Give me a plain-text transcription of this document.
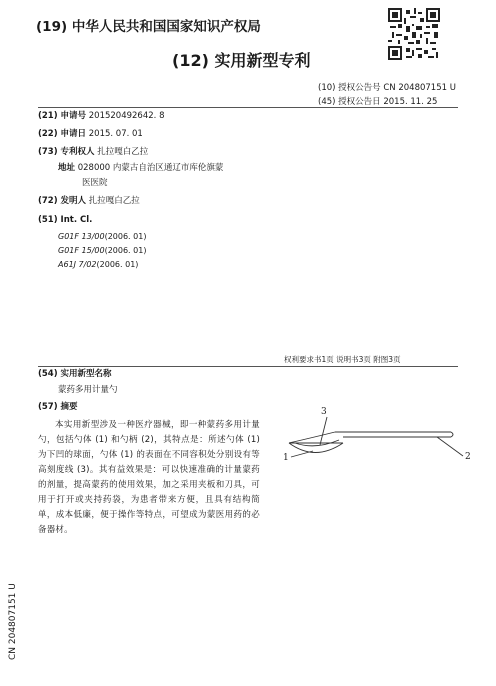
(19) 中华人民共和国国家知识产权局
(12) 实用新型专利
(10) 授权公告号 CN 204807151 U
(45) 授权公告日 2015. 11. 25
(21) 申请号 201520492642. 8
(22) 申请日 2015. 07. 01
(73) 专利权人 扎拉嘎白乙拉
地址 028000 内蒙古自治区通辽市库伦旗蒙
医医院
(72) 发明人 扎拉嘎白乙拉
(51) Int. Cl.
G01F 13/00(2006. 01)
G01F 15/00(2006. 01)
A61J 7/02(2006. 01)
权利要求书1页 说明书3页 附图3页
(54) 实用新型名称
蒙药多用计量勺
(57) 摘要
本实用新型涉及一种医疗器械，即一种蒙药多用计量勺，包括勺体 (1) 和勺柄 (2)，其特点是：所述勺体 (1) 为下凹的球面，勺体 (1) 的表面在不同容积处分别设有等高刻度线 (3)。其有益效果是：可以快速准确的计量蒙药的剂量，提高蒙药的使用效果，加之采用夹板和刀具，可用于打开或夹持药袋，为患者带来方便，且具有结构简单，成本低廉，便于操作等特点，可望成为蒙医用药的必备器材。
1	2
3
CN 204807151 U
